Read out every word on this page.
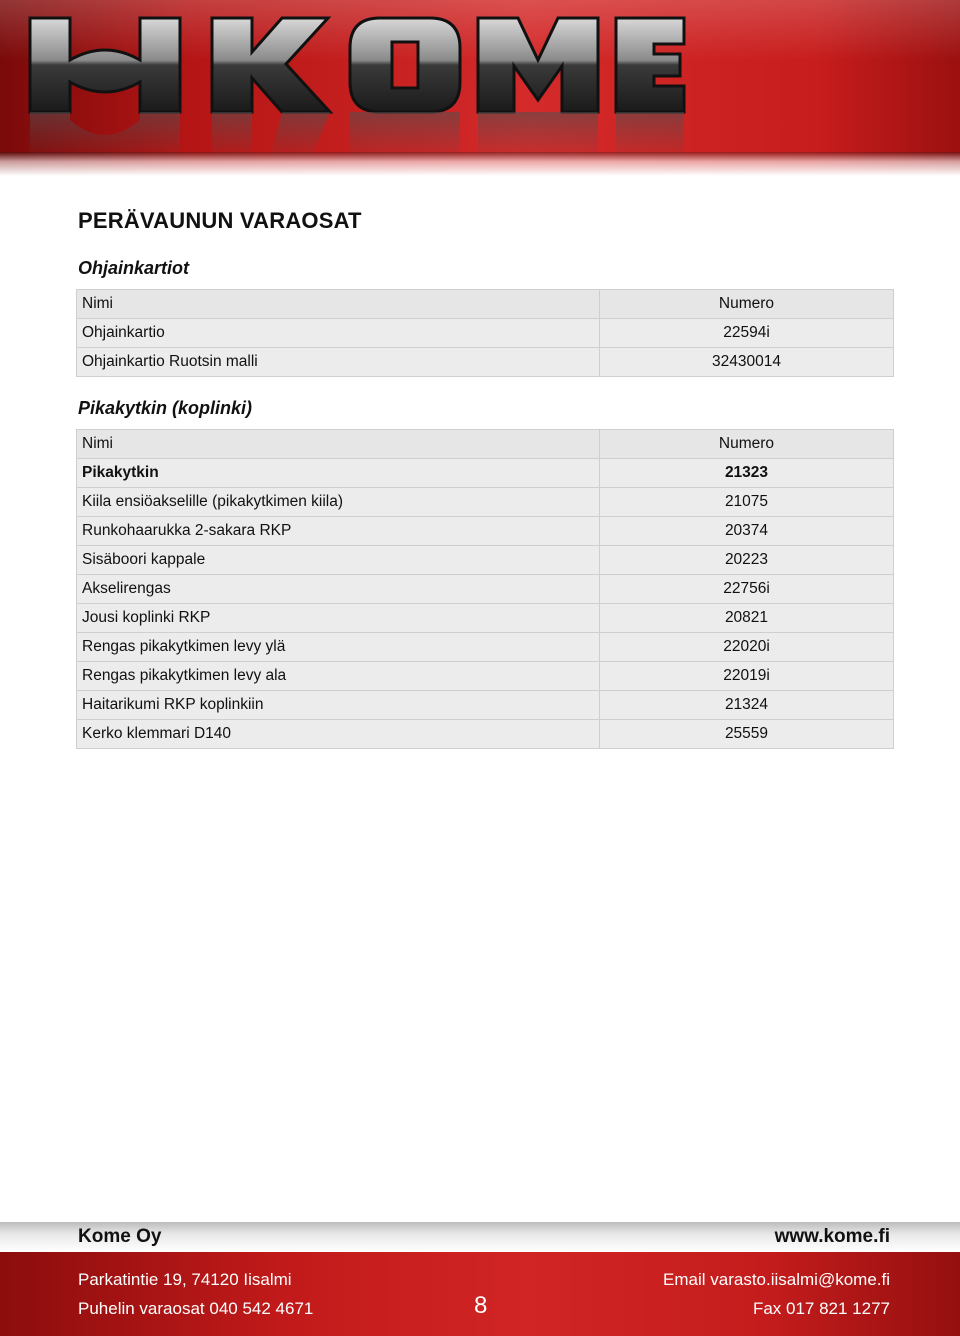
PERÄVAUNUN VARAOSAT
Ohjainkartiot
Nimi	Numero
Ohjainkartio	22594i
Ohjainkartio Ruotsin malli	32430014
Pikakytkin (koplinki)
Nimi	Numero
Pikakytkin	21323
Kiila ensiöakselille (pikakytkimen kiila)	21075
Runkohaarukka 2-sakara RKP	20374
Sisäboori kappale	20223
Akselirengas	22756i
Jousi koplinki RKP	20821
Rengas pikakytkimen levy ylä	22020i
Rengas pikakytkimen levy ala	22019i
Haitarikumi RKP koplinkiin	21324
Kerko klemmari D140	25559
Kome Oy	www.kome.fi
Parkatintie 19, 74120 Iisalmi	Email varasto.iisalmi@kome.fi
Puhelin varaosat 040 542 4671	8	Fax 017 821 1277
